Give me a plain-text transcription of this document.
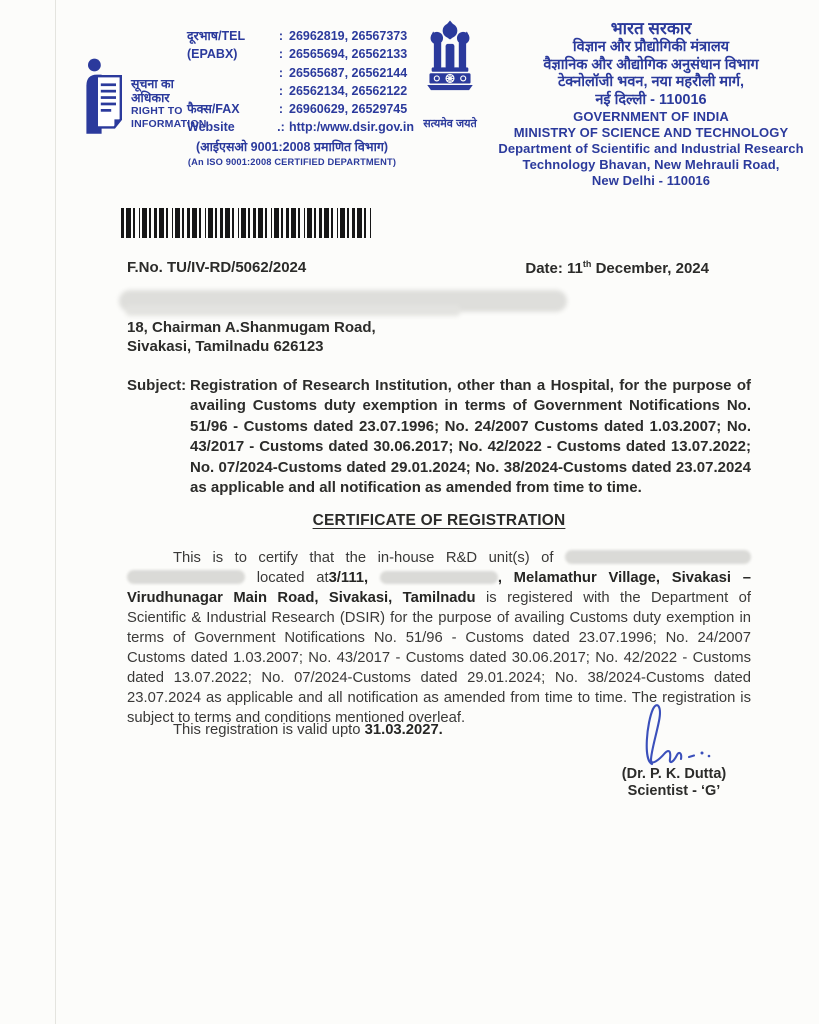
सूचना का
अधिकार
RIGHT TO
INFORMATION
दूरभाष/TEL	: 26962819, 26567373
(EPABX)	: 26565694, 26562133
: 26565687, 26562144
: 26562134, 26562122
फैक्स/FAX	: 26960629, 26529745
Website	.: http:/www.dsir.gov.in
(आईएसओ 9001:2008 प्रमाणित विभाग)
(An ISO 9001:2008 CERTIFIED DEPARTMENT)
सत्यमेव जयते
भारत सरकार
विज्ञान और प्रौद्योगिकी मंत्रालय
वैज्ञानिक और औद्योगिक अनुसंधान विभाग
टेक्नोलॉजी भवन, नया महरौली मार्ग,
नई दिल्ली - 110016
GOVERNMENT OF INDIA
MINISTRY OF SCIENCE AND TECHNOLOGY
Department of Scientific and Industrial Research
Technology Bhavan, New Mehrauli Road,
New Delhi - 110016
F.No. TU/IV-RD/5062/2024	Date: 11th December, 2024
18, Chairman A.Shanmugam Road,
Sivakasi, Tamilnadu 626123

Subject: Registration of Research Institution, other than a Hospital, for the purpose of availing Customs duty exemption in terms of Government Notifications No. 51/96 - Customs dated 23.07.1996; No. 24/2007 Customs dated 1.03.2007; No. 43/2017 - Customs dated 30.06.2017; No. 42/2022 - Customs dated 13.07.2022; No. 07/2024-Customs dated 29.01.2024; No. 38/2024-Customs dated 23.07.2024 as applicable and all notification as amended from time to time.

CERTIFICATE OF REGISTRATION

This is to certify that the in-house R&D unit(s) of   located at3/111,	, Melamathur Village, Sivakasi – Virudhunagar Main Road, Sivakasi, Tamilnadu is registered with the Department of Scientific & Industrial Research (DSIR) for the purpose of availing Customs duty exemption in terms of Government Notifications No. 51/96 - Customs dated 23.07.1996; No. 24/2007 Customs dated 1.03.2007; No. 43/2017 - Customs dated 30.06.2017; No. 42/2022 - Customs dated 13.07.2022; No. 07/2024-Customs dated 29.01.2024; No. 38/2024-Customs dated 23.07.2024 as applicable and all notification as amended from time to time. The registration is subject to terms and conditions mentioned overleaf.

This registration is valid upto 31.03.2027.

(Dr. P. K. Dutta)
Scientist - ‘G’
